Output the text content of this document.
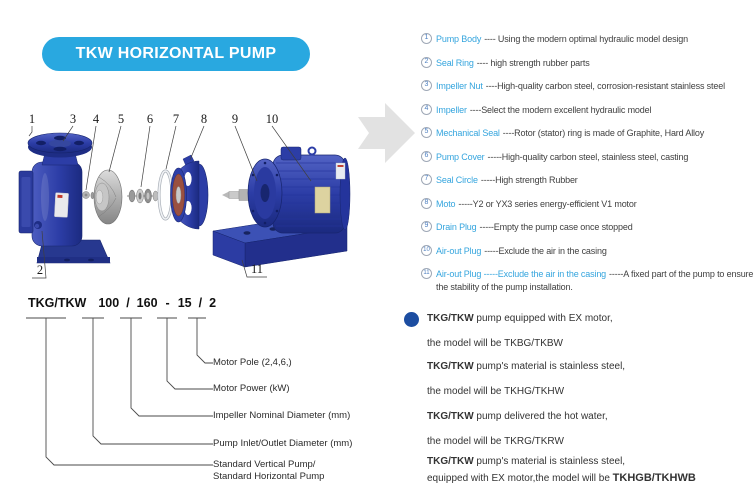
TKW HORIZONTAL PUMP
1	3 4 5 6 7 8 9 10
2	11
1 Pump Body ---- Using the modern optimal hydraulic model design
2 Seal Ring ---- high strength rubber parts
3 Impeller Nut ----High-quality carbon steel, corrosion-resistant stainless steel
4 Impeller ----Select the modern excellent hydraulic model
5 Mechanical Seal ----Rotor (stator) ring is made of Graphite, Hard Alloy
6 Pump Cover -----High-quality carbon steel, stainless steel, casting
7 Seal Circle -----High strength Rubber
8 Moto -----Y2 or YX3 series energy-efficient V1 motor
9 Drain Plug -----Empty the pump case once stopped
10 Air-out Plug -----Exclude the air in the casing
11 Air-out Plug -----Exclude the air in the casing -----A fixed part of the pump to ensure the stability of the pump installation.
TKG/TKW 100 / 160 - 15 / 2
Motor Pole (2,4,6,)
Motor Power (kW)
Impeller Nominal Diameter (mm)
Pump Inlet/Outlet Diameter (mm)
Standard Vertical Pump/
Standard Horizontal Pump
TKG/TKW pump equipped with EX motor,
the model will be TKBG/TKBW
TKG/TKW pump's material is stainless steel,
the model will be TKHG/TKHW
TKG/TKW pump delivered the hot water,
the model will be TKRG/TKRW
TKG/TKW pump's material is stainless steel,
equipped with EX motor,the model will be TKHGB/TKHWB
